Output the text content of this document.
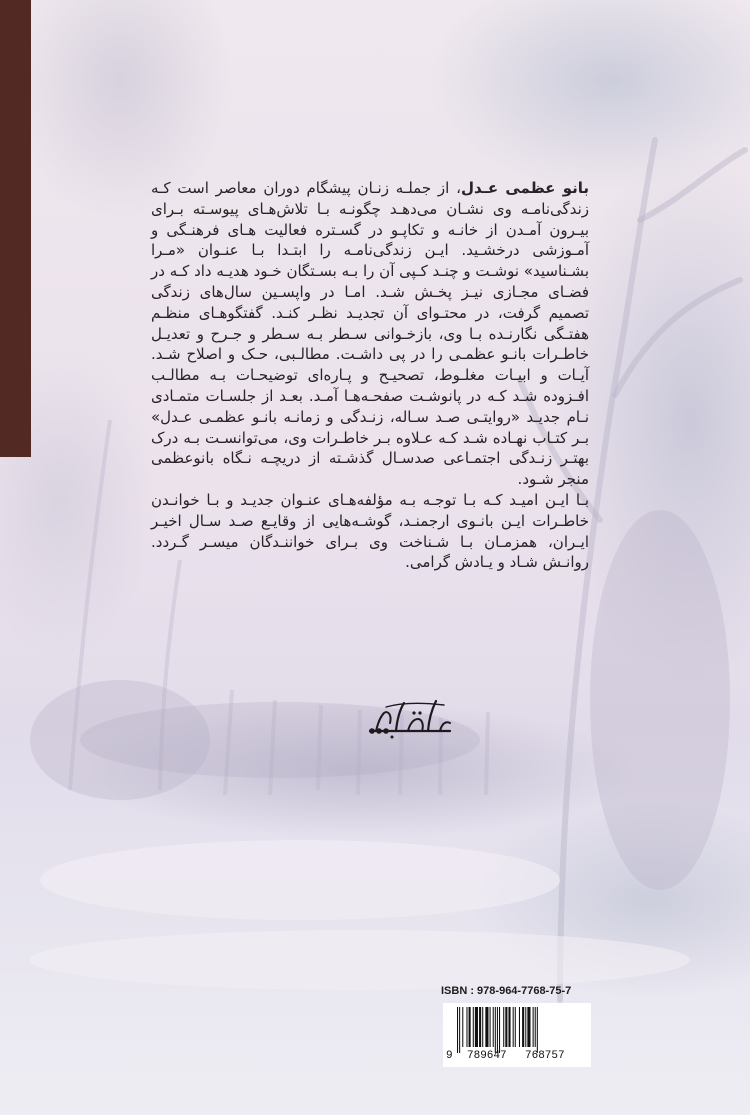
بانو عظمی عـدل، از جملـه زنـان پیشگام دوران معاصر است کـه زندگی‌نامـه وی نشـان می‌دهـد چگونـه بـا تلاش‌هـای پیوسـته بـرای بیـرون آمـدن از خانـه و تکاپـو در گسـتره فعالیت هـای فرهنـگی و آمـوزشی درخشـید. ایـن زندگی‌نامـه را ابتـدا بـا عنـوان «مـرا بشـناسید» نوشـت و چنـد کـپی آن را بـه بسـتگان خـود هدیـه داد کـه در فضـای مجـازی نیـز پخـش شـد. امـا در واپسـین سال‌های زندگی تصمیم گرفت، در محتـوای آن تجدیـد نظـر کنـد. گفتگوهـای منظـم هفتـگی نگارنـده بـا وی، بازخـوانی سـطر بـه سـطر و جـرح و تعدیـل خاطـرات بانـو عظمـی را در پی داشـت. مطالـبی، حـک و اصلاح شـد. آیـات و ابیـات مغلـوط، تصحیـح و پـاره‌ای توضیحـات بـه مطالـب افـزوده شـد کـه در پانوشـت صفحـه‌هـا آمـد. بعـد از جلسـات متمـادی نـام جدیـد «روایتـی صـد سـاله، زنـدگی و زمانـه بانـو عظمـی عـدل» بـر کتـاب نهـاده شـد کـه عـلاوه بـر خاطـرات وی، می‌توانسـت بـه درک بهتـر زنـدگی اجتمـاعی صدسـال گذشـته از دریچـه نـگاه بانوعظمی منجر شـود.

بـا ایـن امیـد کـه بـا توجـه بـه مؤلفه‌هـای عنـوان جدیـد و بـا خوانـدن خاطـرات ایـن بانـوی ارجمنـد، گوشـه‌هایی از وقایـع صـد سـال اخیـر ایـران، همزمـان بـا شـناخت وی بـرای خواننـدگان میسـر گـردد. روانـش شـاد و یـادش گرامی.

نشر و پژوهش شیرازه
ISBN : 978-964-7768-75-7
9 789647 768757
